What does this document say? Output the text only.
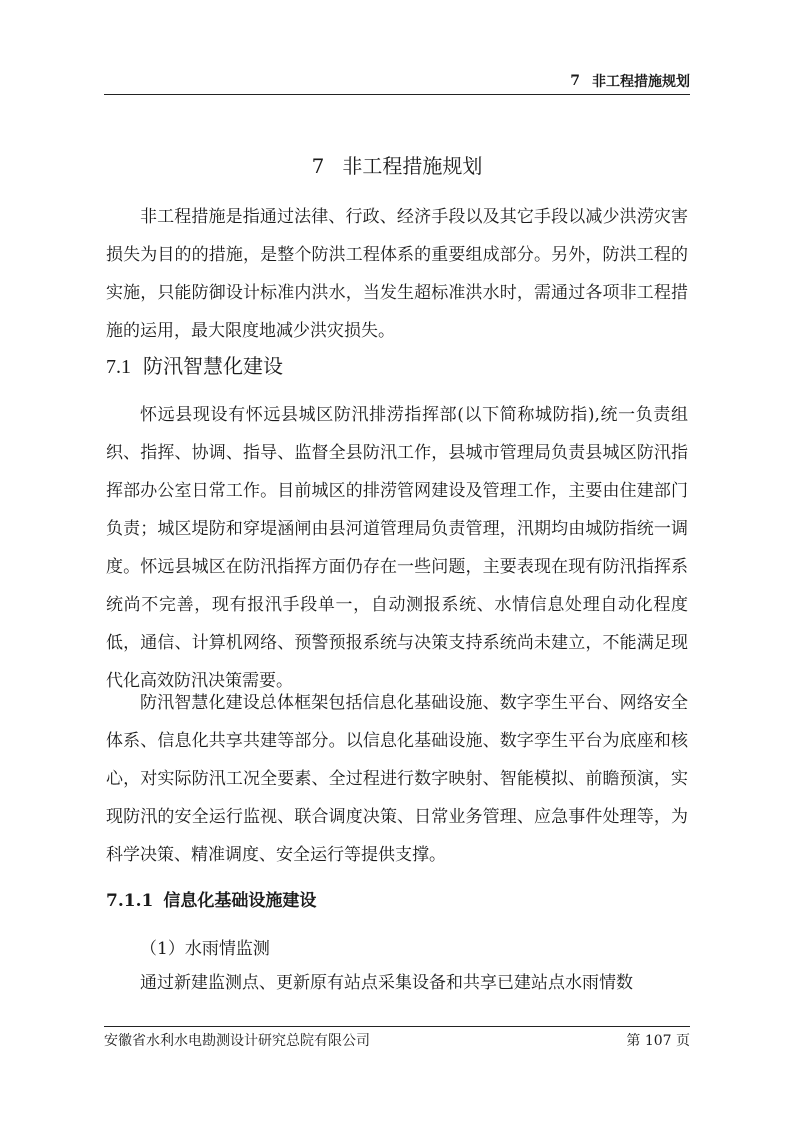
7 非工程措施规划
7 非工程措施规划

非工程措施是指通过法律、行政、经济手段以及其它手段以减少洪涝灾害损失为目的的措施，是整个防洪工程体系的重要组成部分。另外，防洪工程的实施，只能防御设计标准内洪水，当发生超标准洪水时，需通过各项非工程措施的运用，最大限度地减少洪灾损失。

7.1 防汛智慧化建设

怀远县现设有怀远县城区防汛排涝指挥部(以下简称城防指),统一负责组织、指挥、协调、指导、监督全县防汛工作，县城市管理局负责县城区防汛指挥部办公室日常工作。目前城区的排涝管网建设及管理工作，主要由住建部门负责；城区堤防和穿堤涵闸由县河道管理局负责管理，汛期均由城防指统一调度。怀远县城区在防汛指挥方面仍存在一些问题，主要表现在现有防汛指挥系统尚不完善，现有报汛手段单一，自动测报系统、水情信息处理自动化程度低，通信、计算机网络、预警预报系统与决策支持系统尚未建立，不能满足现代化高效防汛决策需要。

防汛智慧化建设总体框架包括信息化基础设施、数字孪生平台、网络安全体系、信息化共享共建等部分。以信息化基础设施、数字孪生平台为底座和核心，对实际防汛工况全要素、全过程进行数字映射、智能模拟、前瞻预演，实现防汛的安全运行监视、联合调度决策、日常业务管理、应急事件处理等，为科学决策、精准调度、安全运行等提供支撑。

7.1.1 信息化基础设施建设
（1）水雨情监测

通过新建监测点、更新原有站点采集设备和共享已建站点水雨情数

安徽省水利水电勘测设计研究总院有限公司	第 107 页
